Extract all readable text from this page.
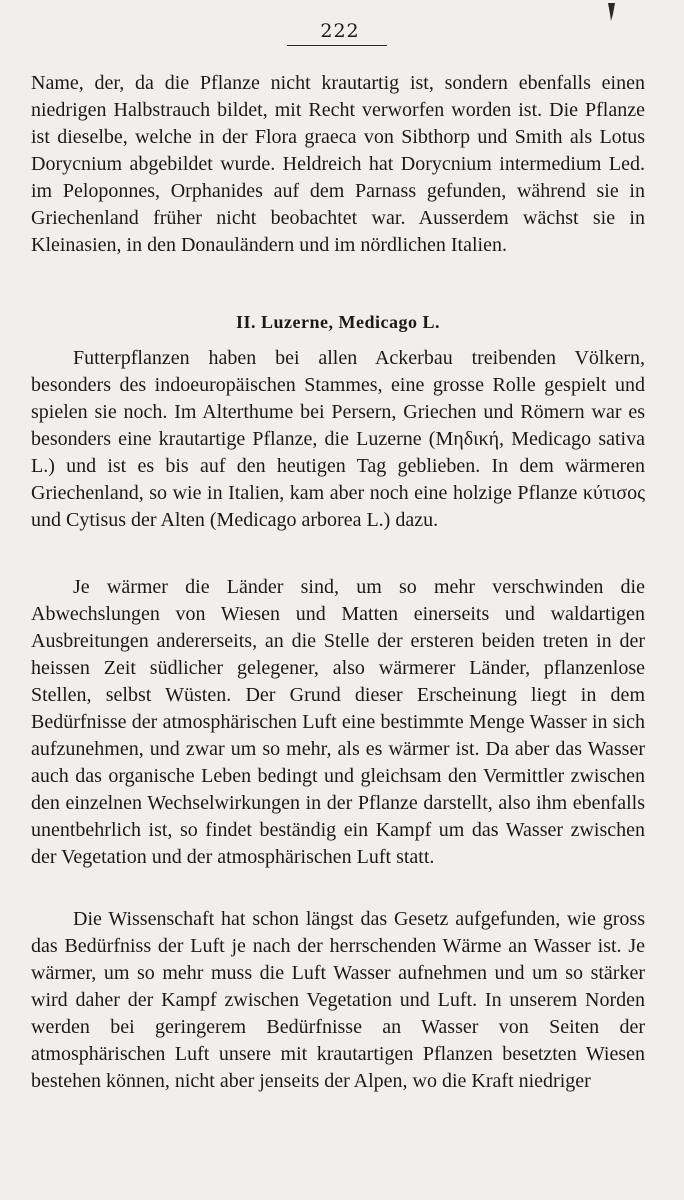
222

Name, der, da die Pflanze nicht krautartig ist, sondern ebenfalls einen niedrigen Halbstrauch bildet, mit Recht verworfen worden ist. Die Pflanze ist dieselbe, welche in der Flora graeca von Sibthorp und Smith als Lotus Dorycnium abgebildet wurde. Heldreich hat Dorycnium intermedium Led. im Peloponnes, Orphanides auf dem Parnass gefunden, während sie in Griechenland früher nicht beobachtet war. Ausserdem wächst sie in Kleinasien, in den Donauländern und im nördlichen Italien.

II. Luzerne, Medicago L.

Futterpflanzen haben bei allen Ackerbau treibenden Völkern, besonders des indoeuropäischen Stammes, eine grosse Rolle gespielt und spielen sie noch. Im Alterthume bei Persern, Griechen und Römern war es besonders eine krautartige Pflanze, die Luzerne (Μηδική, Medicago sativa L.) und ist es bis auf den heutigen Tag geblieben. In dem wärmeren Griechenland, so wie in Italien, kam aber noch eine holzige Pflanze κύτισος und Cytisus der Alten (Medicago arborea L.) dazu.

Je wärmer die Länder sind, um so mehr verschwinden die Abwechslungen von Wiesen und Matten einerseits und waldartigen Ausbreitungen andererseits, an die Stelle der ersteren beiden treten in der heissen Zeit südlicher gelegener, also wärmerer Länder, pflanzenlose Stellen, selbst Wüsten. Der Grund dieser Erscheinung liegt in dem Bedürfnisse der atmosphärischen Luft eine bestimmte Menge Wasser in sich aufzunehmen, und zwar um so mehr, als es wärmer ist. Da aber das Wasser auch das organische Leben bedingt und gleichsam den Vermittler zwischen den einzelnen Wechselwirkungen in der Pflanze darstellt, also ihm ebenfalls unentbehrlich ist, so findet beständig ein Kampf um das Wasser zwischen der Vegetation und der atmosphärischen Luft statt.

Die Wissenschaft hat schon längst das Gesetz aufgefunden, wie gross das Bedürfniss der Luft je nach der herrschenden Wärme an Wasser ist. Je wärmer, um so mehr muss die Luft Wasser aufnehmen und um so stärker wird daher der Kampf zwischen Vegetation und Luft. In unserem Norden werden bei geringerem Bedürfnisse an Wasser von Seiten der atmosphärischen Luft unsere mit krautartigen Pflanzen besetzten Wiesen bestehen können, nicht aber jenseits der Alpen, wo die Kraft niedriger
